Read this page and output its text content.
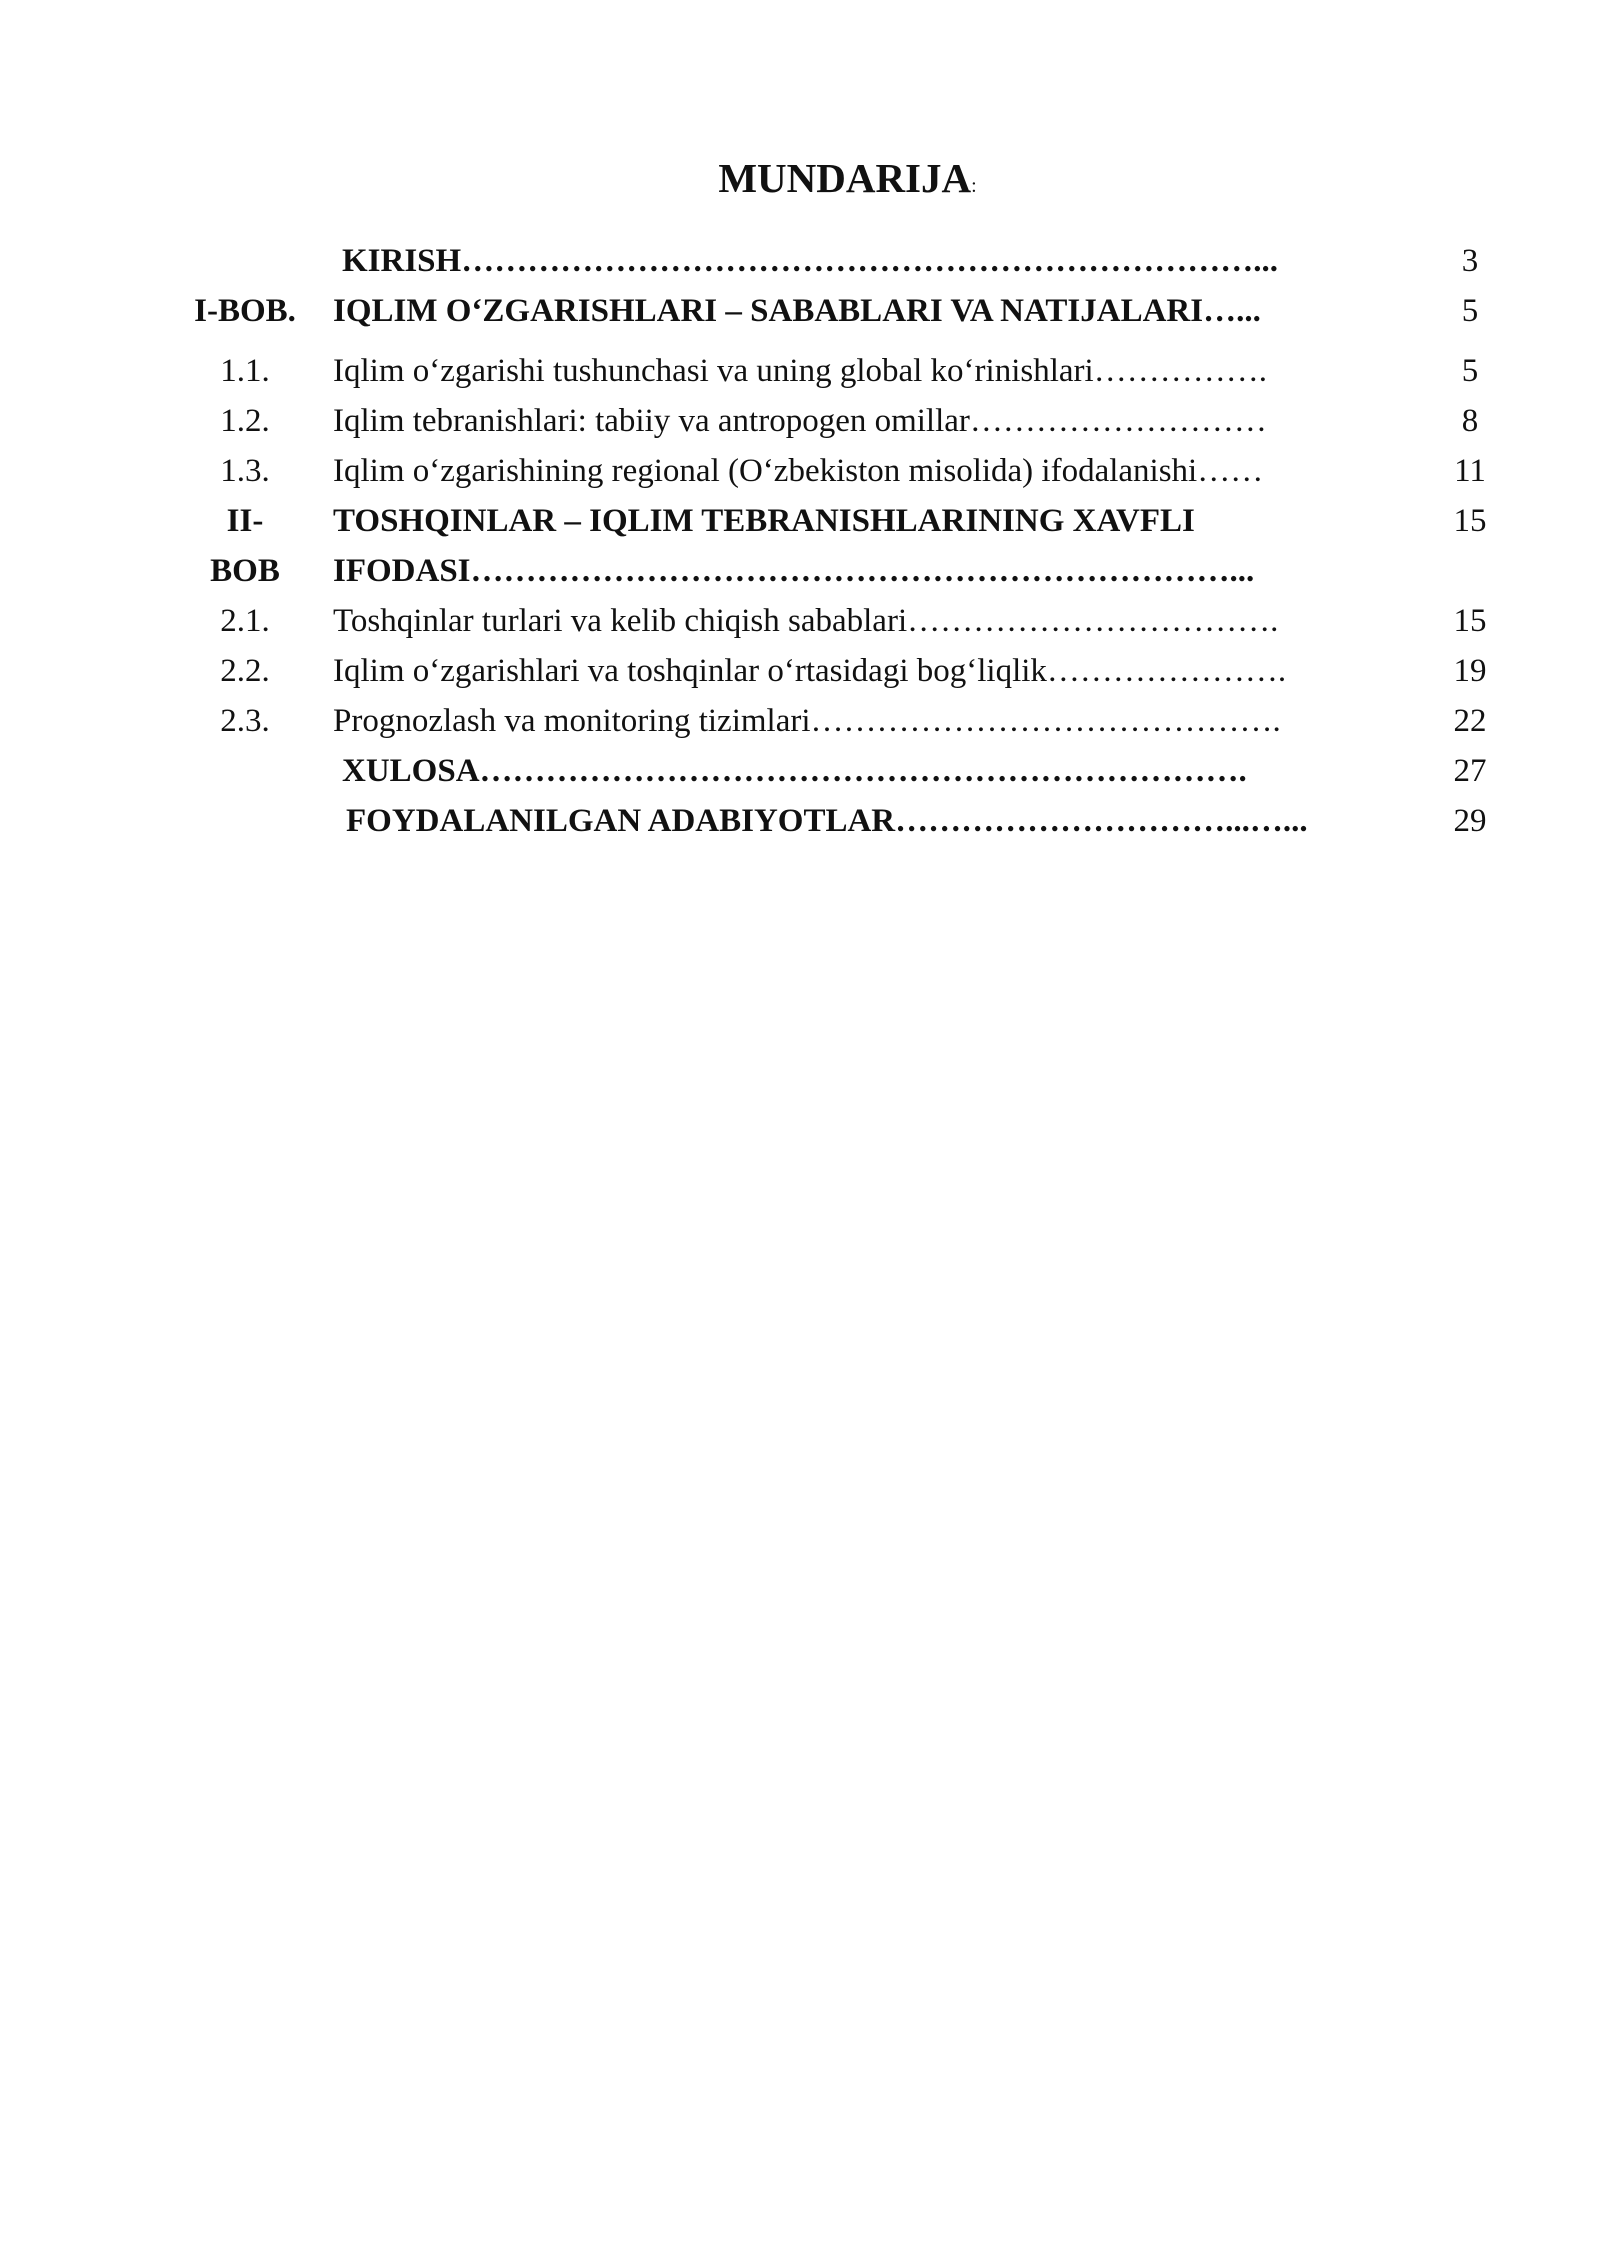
MUNDARIJA:
KIRISH………………………………………………………………...	3
I-BOB.	IQLIM O‘ZGARISHLARI – SABABLARI VA NATIJALARI…...	5
1.1.	Iqlim o‘zgarishi tushunchasi va uning global ko‘rinishlari…………….	5
1.2.	Iqlim tebranishlari: tabiiy va antropogen omillar………………………	8
1.3.	Iqlim o‘zgarishining regional (O‘zbekiston misolida) ifodalanishi……	11
II-	TOSHQINLAR – IQLIM TEBRANISHLARINING XAVFLI	15
BOB	IFODASI……………………………………………………………...
2.1.	Toshqinlar turlari va kelib chiqish sabablari…………………………….	15
2.2.	Iqlim o‘zgarishlari va toshqinlar o‘rtasidagi bog‘liqlik………………….	19
2.3.	Prognozlash va monitoring tizimlari…………………………………….	22
XULOSA…………………………………………………………….	27
FOYDALANILGAN ADABIYOTLAR…………………………...…...	29
